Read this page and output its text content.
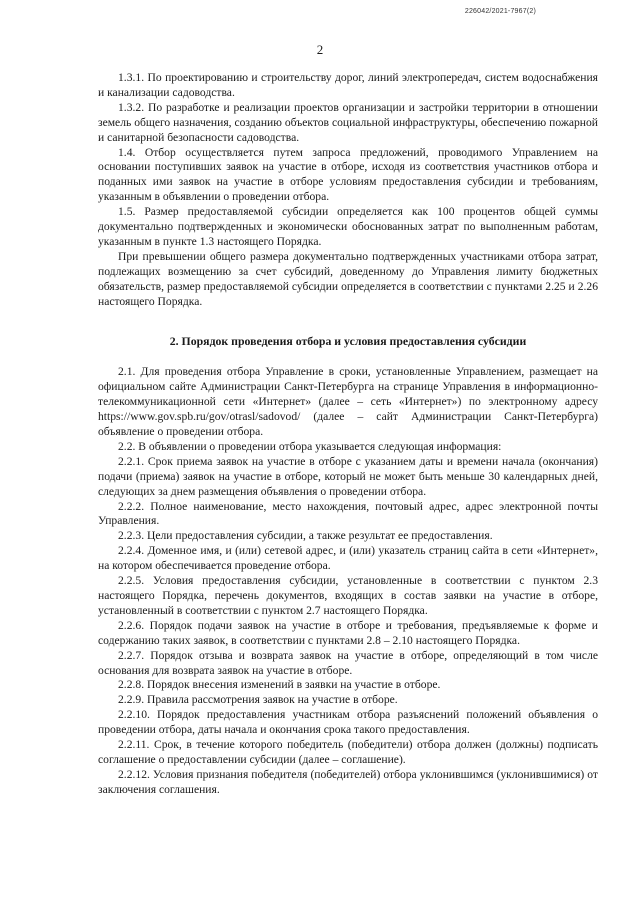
226042/2021-7967(2)
2

1.3.1. По проектированию и строительству дорог, линий электропередач, систем водоснабжения и канализации садоводства.

1.3.2. По разработке и реализации проектов организации и застройки территории в отношении земель общего назначения, созданию объектов социальной инфраструктуры, обеспечению пожарной и санитарной безопасности садоводства.

1.4. Отбор осуществляется путем запроса предложений, проводимого Управлением на основании поступивших заявок на участие в отборе, исходя из соответствия участников отбора и поданных ими заявок на участие в отборе условиям предоставления субсидии и требованиям, указанным в объявлении о проведении отбора.

1.5. Размер предоставляемой субсидии определяется как 100 процентов общей суммы документально подтвержденных и экономически обоснованных затрат по выполненным работам, указанным в пункте 1.3 настоящего Порядка.

При превышении общего размера документально подтвержденных участниками отбора затрат, подлежащих возмещению за счет субсидий, доведенному до Управления лимиту бюджетных обязательств, размер предоставляемой субсидии определяется в соответствии с пунктами 2.25 и 2.26 настоящего Порядка.

2. Порядок проведения отбора и условия предоставления субсидии

2.1. Для проведения отбора Управление в сроки, установленные Управлением, размещает на официальном сайте Администрации Санкт-Петербурга на странице Управления в информационно-телекоммуникационной сети «Интернет» (далее – сеть «Интернет») по электронному адресу https://www.gov.spb.ru/gov/otrasl/sadovod/ (далее – сайт Администрации Санкт-Петербурга) объявление о проведении отбора.

2.2. В объявлении о проведении отбора указывается следующая информация:

2.2.1. Срок приема заявок на участие в отборе с указанием даты и времени начала (окончания) подачи (приема) заявок на участие в отборе, который не может быть меньше 30 календарных дней, следующих за днем размещения объявления о проведении отбора.

2.2.2. Полное наименование, место нахождения, почтовый адрес, адрес электронной почты Управления.

2.2.3. Цели предоставления субсидии, а также результат ее предоставления.

2.2.4. Доменное имя, и (или) сетевой адрес, и (или) указатель страниц сайта в сети «Интернет», на котором обеспечивается проведение отбора.

2.2.5. Условия предоставления субсидии, установленные в соответствии с пунктом 2.3 настоящего Порядка, перечень документов, входящих в состав заявки на участие в отборе, установленный в соответствии с пунктом 2.7 настоящего Порядка.

2.2.6. Порядок подачи заявок на участие в отборе и требования, предъявляемые к форме и содержанию таких заявок, в соответствии с пунктами 2.8 – 2.10 настоящего Порядка.

2.2.7. Порядок отзыва и возврата заявок на участие в отборе, определяющий в том числе основания для возврата заявок на участие в отборе.

2.2.8. Порядок внесения изменений в заявки на участие в отборе.

2.2.9. Правила рассмотрения заявок на участие в отборе.

2.2.10. Порядок предоставления участникам отбора разъяснений положений объявления о проведении отбора, даты начала и окончания срока такого предоставления.

2.2.11. Срок, в течение которого победитель (победители) отбора должен (должны) подписать соглашение о предоставлении субсидии (далее – соглашение).

2.2.12. Условия признания победителя (победителей) отбора уклонившимся (уклонившимися) от заключения соглашения.
